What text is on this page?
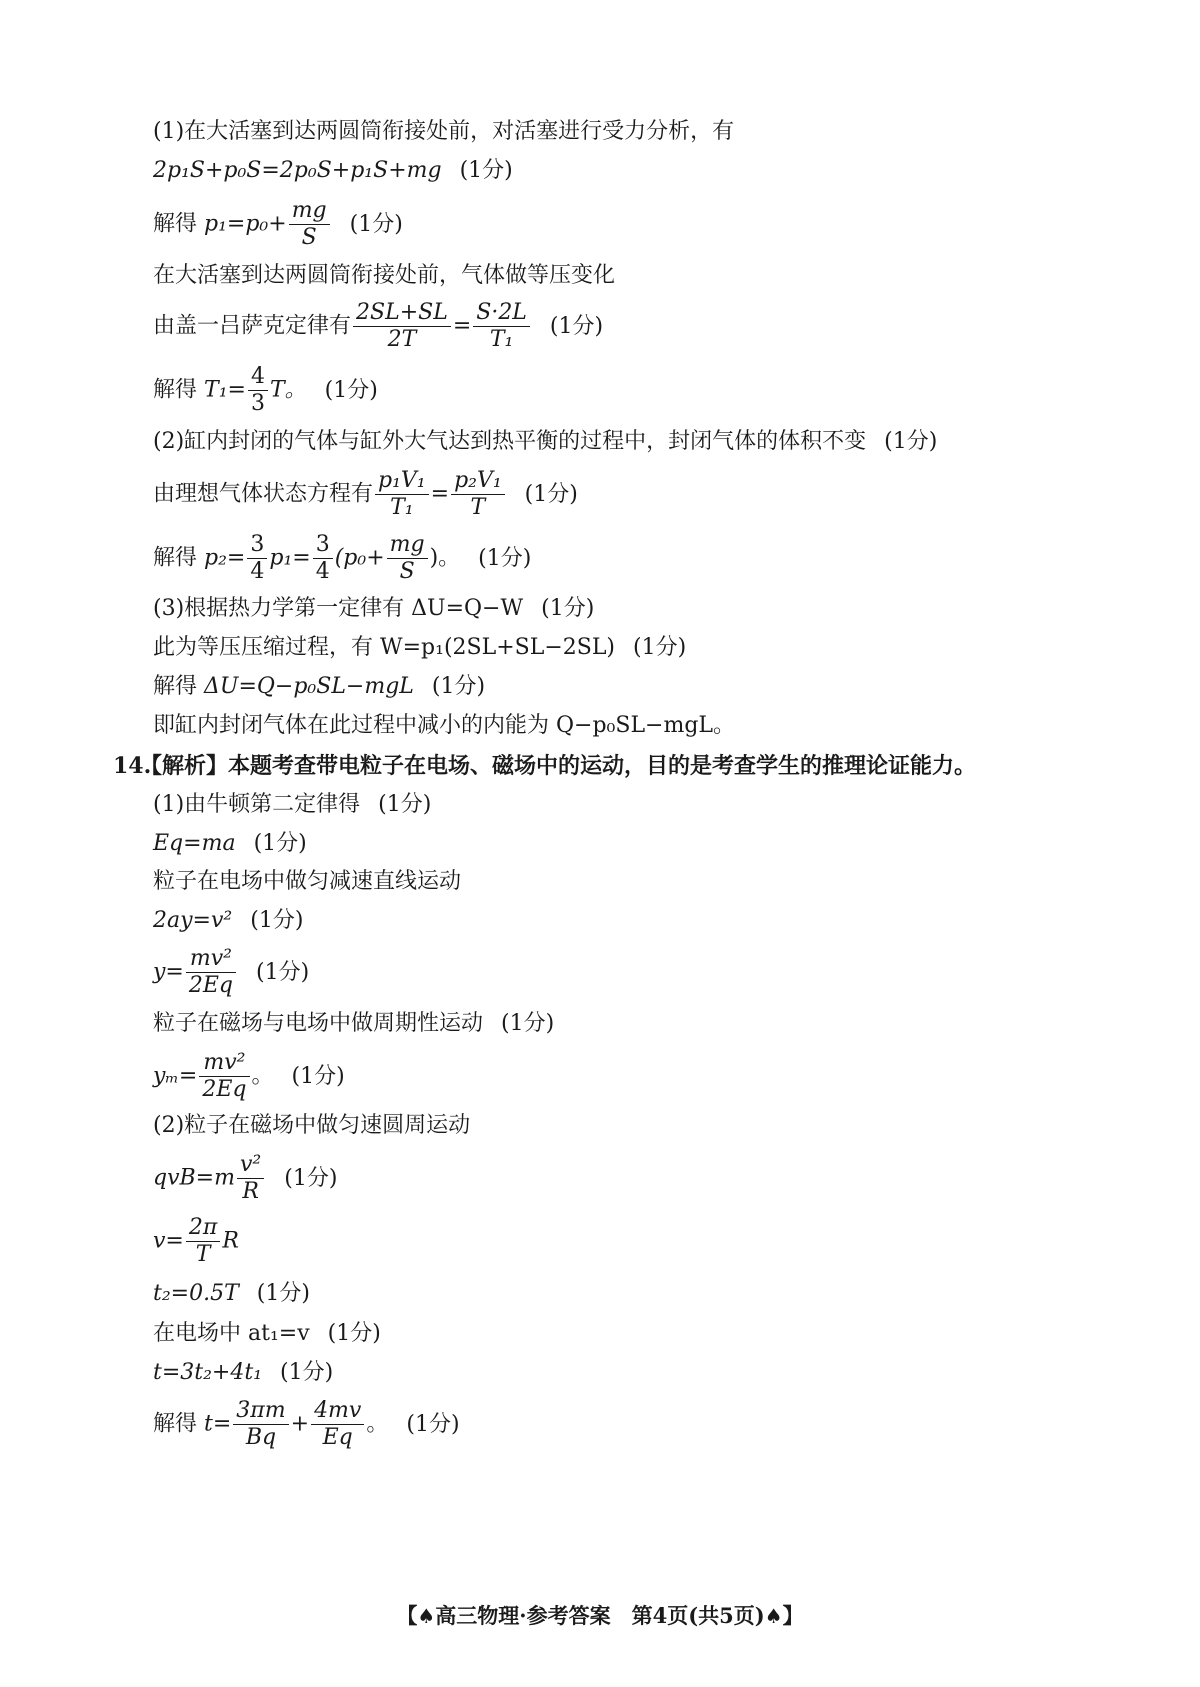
(1)在大活塞到达两圆筒衔接处前，对活塞进行受力分析，有
2p₁S+p₀S=2p₀S+p₁S+mg (1分)
解得 $p_1=p_0+ \frac{mg}{S} (1$分)
在大活塞到达两圆筒衔接处前，气体做等压变化
由盖一吕萨克定律有 $\frac{2SL+SL}{2T} = \frac{S\cdot 2L}{\text{T₁}} (1$分)
解得 $T_1= \frac{4}{3}$ T。 (1分)
(2)缸内封闭的气体与缸外大气达到热平衡的过程中，封闭气体的体积不变 (1分)
由理想气体状态方程有 $\frac{\text{p₁V₁}}{\text{T₁}} = \frac{\text{p₂V₁}}{T} (1$分)
解得 $p_2= \frac{3}{4} p_1= \frac{3}{4} (p_0+ \frac{mg}{S}$ )。 (1分)
(3)根据热力学第一定律有 ΔU=Q−W (1分)
此为等压压缩过程，有 W=p₁(2SL+SL−2SL) (1分)
解得 ΔU=Q−p₀SL−mgL (1分)
即缸内封闭气体在此过程中减小的内能为 Q−p₀SL−mgL。
14.
【解析】本题考查带电粒子在电场、磁场中的运动，目的是考查学生的推理论证能力。
(1)由牛顿第二定律得 (1分)
Eq=ma (1分)
粒子在电场中做匀减速直线运动
2ay=v² (1分)
$y= \frac{\text{mv²}}{2Eq} (1$分)
粒子在磁场与电场中做周期性运动 (1分)
$y_m= \frac{\text{mv²}}{2Eq}$ 。 (1分)
(2)粒子在磁场中做匀速圆周运动
$qvB=m \frac{\text{v²}}{R} (1$分)
$v= \frac{2\pi}{T}$ R
t₂=0.5T (1分)
在电场中 at₁=v (1分)
t=3t₂+4t₁ (1分)
解得 $t= \frac{3\pi m}{Bq} + \frac{4mv}{Eq}$ 。 (1分)
【♠高三物理·参考答案　第4页(共5页)♠】
